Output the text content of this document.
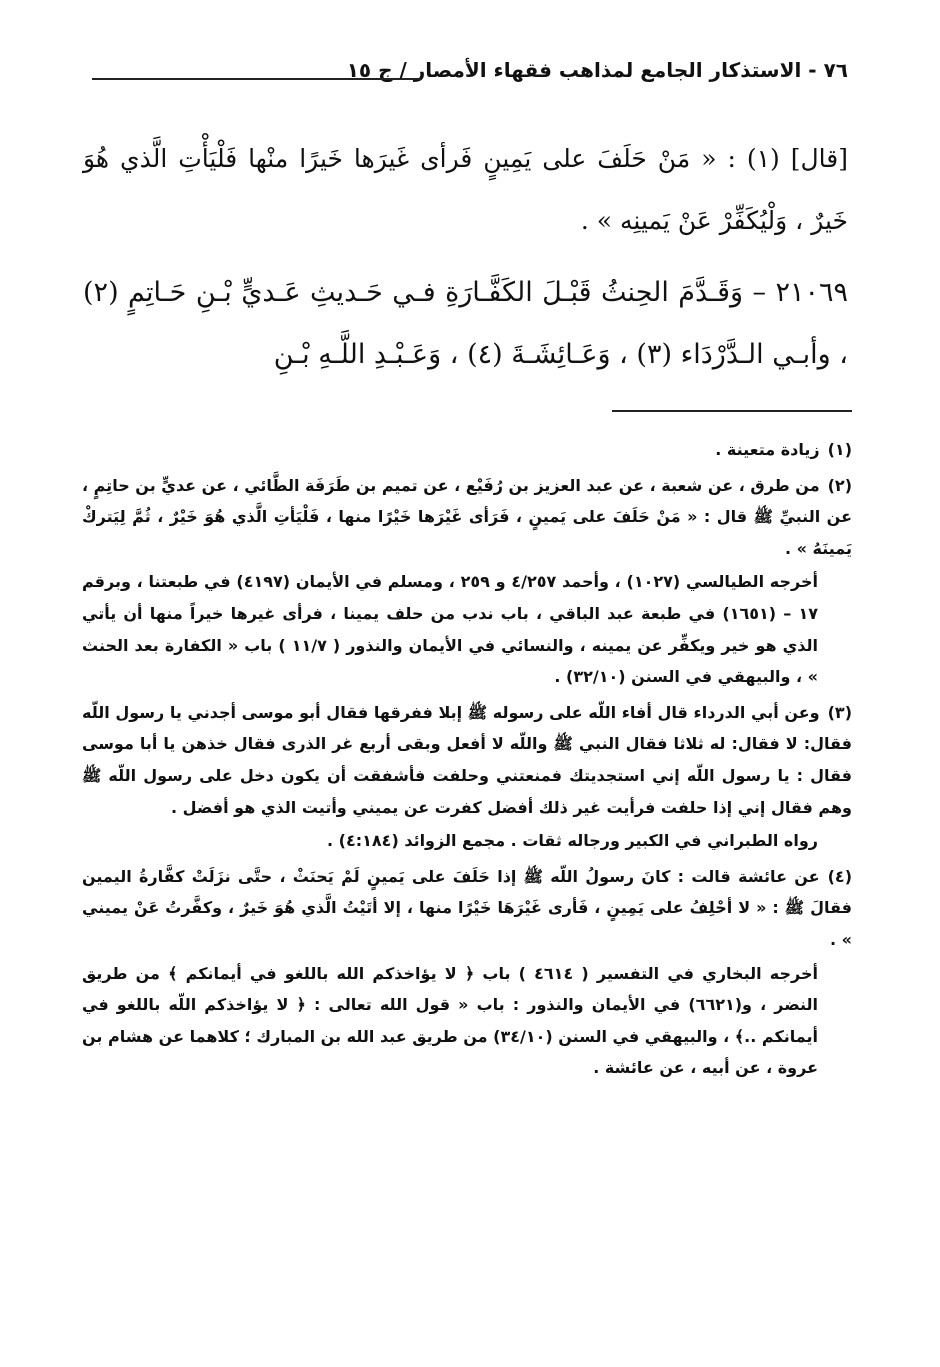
٧٦ - الاستذكار الجامع لمذاهب فقهاء الأمصار / ج ١٥

[قال] (١) : « مَنْ حَلَفَ على يَمِينٍ فَرأى غَيرَها خَيرًا منْها فَلْيَأْتِ الَّذي هُوَ خَيرٌ ، وَلْيُكَفِّرْ عَنْ يَمينِه » .

٢١٠٦٩ – وَقَـدَّمَ الحِنثُ قَبْـلَ الكَفَّـارَةِ فـي حَـديثِ عَـديٍّ بْـنِ حَـاتِمٍ (٢) ، وأبـي الـدَّرْدَاء (٣) ، وَعَـائِشَـةَ (٤) ، وَعَـبْـدِ اللَّـهِ بْـنِ

(١)زيادة متعينة .
(٢)من طرق ، عن شعبة ، عن عبد العزيز بن رُفَيْع ، عن تميم بن طَرَفَة الطَّائي ، عن عديٍّ بن حاتِمٍ ، عن النبيِّ ﷺ قال : « مَنْ حَلَفَ على يَمينٍ ، فَرَأى غَيْرَها خَيْرًا منها ، فَلْيَأتِ الَّذي هُوَ خَيْرٌ ، ثُمَّ لِيَتركْ يَمينَهُ » .
أخرجه الطيالسي (١٠٢٧) ، وأحمد ٤/٢٥٧ و ٢٥٩ ، ومسلم في الأيمان (٤١٩٧) في طبعتنا ، وبرقم ١٧ – (١٦٥١) في طبعة عبد الباقي ، باب ندب من حلف يمينا ، فرأى غيرها خيراً منها أن يأتي الذي هو خير ويكفِّر عن يمينه ، والنسائي في الأيمان والنذور ( ١١/٧ ) باب « الكفارة بعد الحنث » ، والبيهقي في السنن (٣٢/١٠) .
(٣)وعن أبي الدرداء قال أفاء اللّه على رسوله ﷺ إبلا ففرقها فقال أبو موسى أجدني يا رسول اللّه فقال: لا فقال: له ثلاثا فقال النبي ﷺ واللّه لا أفعل وبقى أربع غر الذرى فقال خذهن يا أبا موسى فقال : يا رسول اللّه إني استجديتك فمنعتني وحلفت فأشفقت أن يكون دخل على رسول اللّه ﷺ وهم فقال إني إذا حلفت فرأيت غير ذلك أفضل كفرت عن يميني وأتيت الذي هو أفضل .
رواه الطبراني في الكبير ورجاله ثقات . مجمع الزوائد (٤:١٨٤) .
(٤)عن عائشة قالت : كانَ رسولُ اللّه ﷺ إذا حَلَفَ على يَمينٍ لَمْ يَحنَثْ ، حتَّى نزَلَتْ كفَّارةُ اليمين فقالَ ﷺ : « لا أحْلِفُ على يَمِينٍ ، فَأرى غَيْرَهَا خَيْرًا منها ، إلا أتَيْتُ الَّذي هُوَ خَيرٌ ، وكفَّرتُ عَنْ يميني » .
أخرجه البخاري في التفسير ( ٤٦١٤ ) باب ﴿ لا يؤاخذكم الله باللغو في أيمانكم ﴾ من طريق النضر ، و(٦٦٢١) في الأيمان والنذور : باب « قول الله تعالى : ﴿ لا يؤاخذكم اللّه باللغو في أيمانكم ..﴾ ، والبيهقي في السنن (٣٤/١٠) من طريق عبد الله بن المبارك ؛ كلاهما عن هشام بن عروة ، عن أبيه ، عن عائشة .
